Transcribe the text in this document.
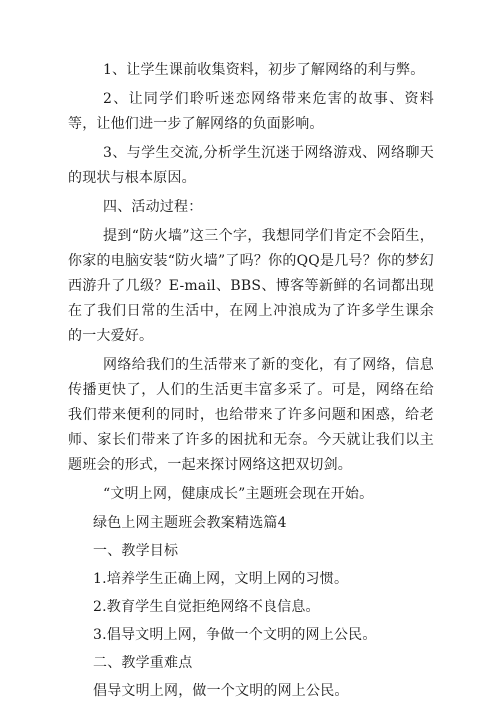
1、让学生课前收集资料，初步了解网络的利与弊。

2、让同学们聆听迷恋网络带来危害的故事、资料等，让他们进一步了解网络的负面影响。

3、与学生交流,分析学生沉迷于网络游戏、网络聊天的现状与根本原因。

四、活动过程：

提到“防火墙”这三个字，我想同学们肯定不会陌生，你家的电脑安装“防火墙”了吗？你的QQ是几号？你的梦幻西游升了几级？E-mail、BBS、博客等新鲜的名词都出现在了我们日常的生活中，在网上冲浪成为了许多学生课余的一大爱好。

网络给我们的生活带来了新的变化，有了网络，信息传播更快了，人们的生活更丰富多采了。可是，网络在给我们带来便利的同时，也给带来了许多问题和困惑，给老师、家长们带来了许多的困扰和无奈。今天就让我们以主题班会的形式，一起来探讨网络这把双切剑。

“文明上网，健康成长”主题班会现在开始。

绿色上网主题班会教案精选篇4

一、教学目标

1.培养学生正确上网，文明上网的习惯。

2.教育学生自觉拒绝网络不良信息。

3.倡导文明上网，争做一个文明的网上公民。

二、教学重难点

倡导文明上网，做一个文明的网上公民。
